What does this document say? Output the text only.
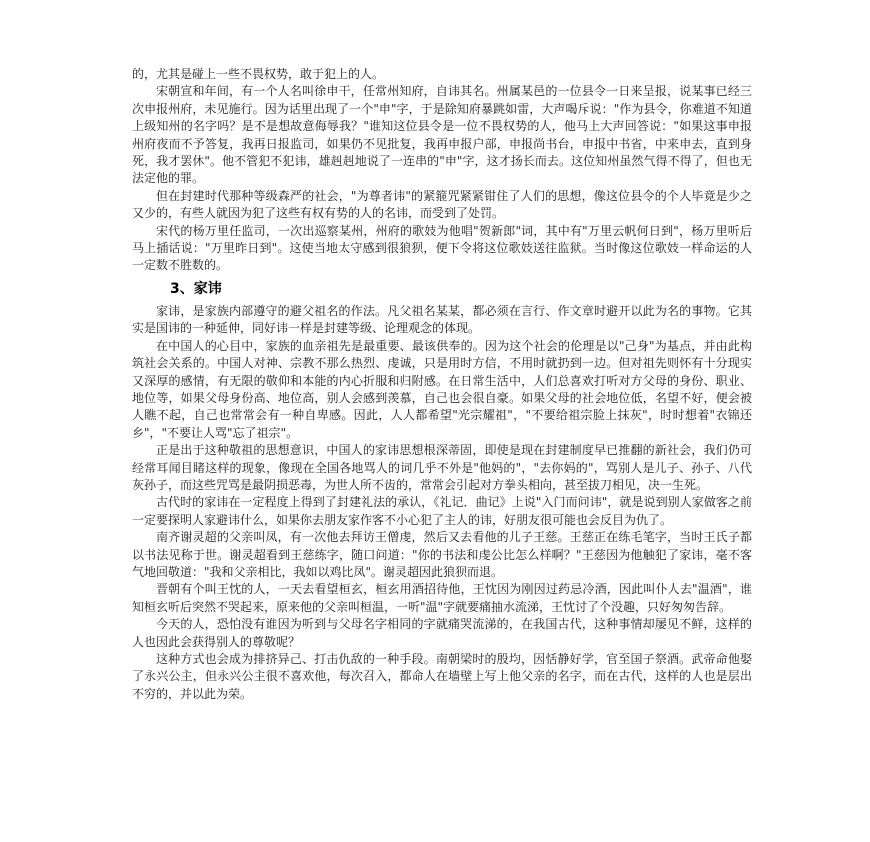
的，尤其是碰上一些不畏权势，敢于犯上的人。

宋朝宣和年间，有一个人名叫徐申干，任常州知府，自讳其名。州属某邑的一位县令一日来呈报，说某事已经三次申报州府，未见施行。因为话里出现了一个"申"字，于是除知府暴跳如雷，大声喝斥说："作为县令，你难道不知道上级知州的名字吗？是不是想故意侮辱我？"谁知这位县令是一位不畏权势的人，他马上大声回答说："如果这事申报州府夜而不予答复，我再日报监司，如果仍不见批复，我再申报户部，申报尚书台，申报中书省，中来申去，直到身死，我才罢休"。他不管犯不犯讳，雄赳赳地说了一连串的"申"字，这才扬长而去。这位知州虽然气得不得了，但也无法定他的罪。

但在封建时代那种等级森严的社会，"为尊者讳"的紧箍咒紧紧钳住了人们的思想，像这位县令的个人毕竟是少之又少的，有些人就因为犯了这些有权有势的人的名讳，而受到了处罚。

宋代的杨万里任监司，一次出巡察某州，州府的歌妓为他唱"贺新郎"词，其中有"万里云帆何日到"，杨万里听后马上插话说："万里昨日到"。这使当地太守感到很狼狈，便下令将这位歌妓送往监狱。当时像这位歌妓一样命运的人一定数不胜数的。

3、家讳

家讳，是家族内部遵守的避父祖名的作法。凡父祖名某某，都必须在言行、作文章时避开以此为名的事物。它其实是国讳的一种延伸，同好讳一样是封建等级、论理观念的体现。

在中国人的心目中，家族的血亲祖先是最重要、最该供奉的。因为这个社会的伦理是以"己身"为基点，并由此构筑社会关系的。中国人对神、宗教不那么热烈、虔诚，只是用时方信，不用时就扔到一边。但对祖先则怀有十分现实又深厚的感情，有无限的敬仰和本能的内心折服和归附感。在日常生活中，人们总喜欢打听对方父母的身份、职业、地位等，如果父母身份高、地位高，别人会感到羡慕，自己也会很自豪。如果父母的社会地位低，名望不好，便会被人瞧不起，自己也常常会有一种自卑感。因此，人人都希望"光宗耀祖"，"不要给祖宗脸上抹灰"，时时想着"衣锦还乡"，"不要让人骂"忘了祖宗"。

正是出于这种敬祖的思想意识，中国人的家讳思想根深蒂固，即使是现在封建制度早已推翻的新社会，我们仍可经常耳闻目睹这样的现象，像现在全国各地骂人的词几乎不外是"他妈的"，"去你妈的"，骂别人是儿子、孙子、八代灰孙子，而这些咒骂是最阴损恶毒，为世人所不齿的，常常会引起对方拳头相向，甚至拔刀相见，决一生死。

古代时的家讳在一定程度上得到了封建礼法的承认，《礼记．曲记》上说"入门而问讳"，就是说到别人家做客之前一定要探明人家避讳什么，如果你去朋友家作客不小心犯了主人的讳，好朋友很可能也会反目为仇了。

南齐谢灵超的父亲叫凤，有一次他去拜访王僧虔，然后又去看他的儿子王慈。王慈正在练毛笔字，当时王氏子都以书法见称于世。谢灵超看到王慈练字，随口问道："你的书法和虔公比怎么样啊？"王慈因为他触犯了家讳，毫不客气地回敬道："我和父亲相比，我如以鸡比凤"。谢灵超因此狼狈而退。

晋朝有个叫王忱的人，一天去看望桓玄，桓玄用酒招待他，王忱因为刚因过药忌冷酒，因此叫仆人去"温酒"，谁知桓玄听后突然不哭起来，原来他的父亲叫桓温，一听"温"字就要痛抽水流涕，王忱讨了个没趣，只好匆匆告辞。

今天的人，恐怕没有谁因为听到与父母名字相同的字就痛哭流涕的，在我国古代，这种事情却屡见不鲜，这样的人也因此会获得别人的尊敬呢？

这种方式也会成为排挤异己、打击仇敌的一种手段。南朝梁时的殷均，因恬静好学，官至国子祭酒。武帝命他娶了永兴公主，但永兴公主很不喜欢他，每次召入，都命人在墙壁上写上他父亲的名字，而在古代，这样的人也是层出不穷的，并以此为荣。
